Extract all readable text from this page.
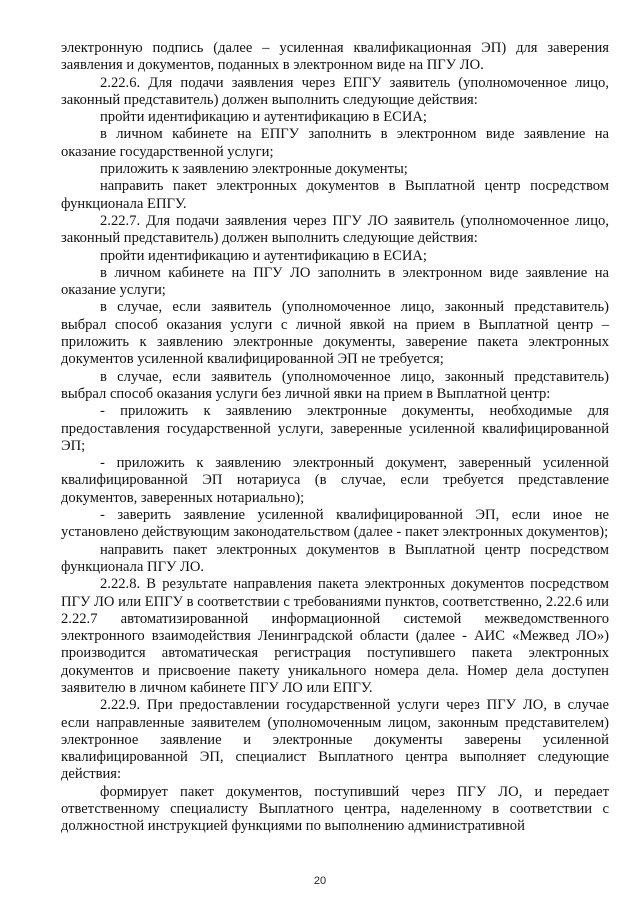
электронную подпись (далее – усиленная квалификационная ЭП) для заверения заявления и документов, поданных в электронном виде на ПГУ ЛО.

2.22.6. Для подачи заявления через ЕПГУ заявитель (уполномоченное лицо, законный представитель) должен выполнить следующие действия:

пройти идентификацию и аутентификацию в ЕСИА;

в личном кабинете на ЕПГУ заполнить в электронном виде заявление на оказание государственной услуги;

приложить к заявлению электронные документы;

направить пакет электронных документов в Выплатной центр посредством функционала ЕПГУ.

2.22.7. Для подачи заявления через ПГУ ЛО заявитель (уполномоченное лицо, законный представитель) должен выполнить следующие действия:

пройти идентификацию и аутентификацию в ЕСИА;

в личном кабинете на ПГУ ЛО заполнить в электронном виде заявление на оказание услуги;

в случае, если заявитель (уполномоченное лицо, законный представитель) выбрал способ оказания услуги с личной явкой на прием в Выплатной центр – приложить к заявлению электронные документы, заверение пакета электронных документов усиленной квалифицированной ЭП не требуется;

в случае, если заявитель (уполномоченное лицо, законный представитель) выбрал способ оказания услуги без личной явки на прием в Выплатной центр:

- приложить к заявлению электронные документы, необходимые для предоставления государственной услуги, заверенные усиленной квалифицированной ЭП;

- приложить к заявлению электронный документ, заверенный усиленной квалифицированной ЭП нотариуса (в случае, если требуется представление документов, заверенных нотариально);

- заверить заявление усиленной квалифицированной ЭП, если иное не установлено действующим законодательством (далее - пакет электронных документов);

направить пакет электронных документов в Выплатной центр посредством функционала ПГУ ЛО.

2.22.8. В результате направления пакета электронных документов посредством ПГУ ЛО или ЕПГУ в соответствии с требованиями пунктов, соответственно, 2.22.6 или 2.22.7 автоматизированной информационной системой межведомственного электронного взаимодействия Ленинградской области (далее - АИС «Межвед ЛО») производится автоматическая регистрация поступившего пакета электронных документов и присвоение пакету уникального номера дела. Номер дела доступен заявителю в личном кабинете ПГУ ЛО или ЕПГУ.

2.22.9. При предоставлении государственной услуги через ПГУ ЛО, в случае если направленные заявителем (уполномоченным лицом, законным представителем) электронное заявление и электронные документы заверены усиленной квалифицированной ЭП, специалист Выплатного центра выполняет следующие действия:

формирует пакет документов, поступивший через ПГУ ЛО, и передает ответственному специалисту Выплатного центра, наделенному в соответствии с должностной инструкцией функциями по выполнению административной

20
